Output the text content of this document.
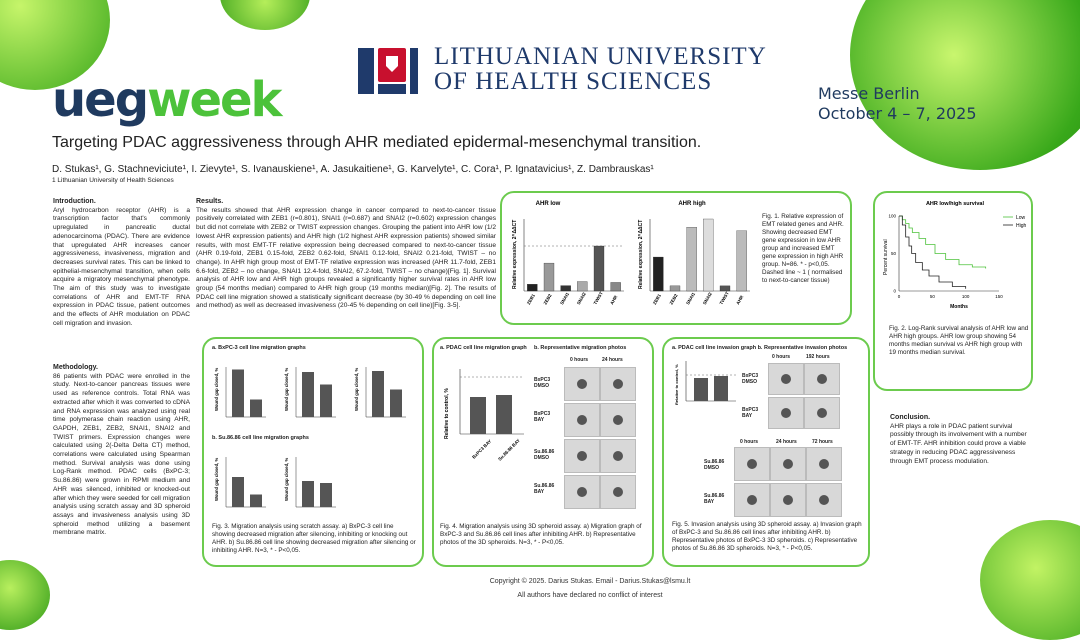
uegweek
LITHUANIAN UNIVERSITY
OF HEALTH SCIENCES	Messe Berlin
October 4 – 7, 2025
Targeting PDAC aggressiveness through AHR mediated epidermal-mesenchymal transition.
D. Stukas¹, G. Stachneviciute¹, I. Zievyte¹, S. Ivanauskiene¹, A. Jasukaitiene¹, G. Karvelyte¹, C. Cora¹, P. Ignatavicius¹, Z. Dambrauskas¹
1 Lithuanian University of Health Sciences
Introduction.
Aryl hydrocarbon receptor (AHR) is a transcription factor that's commonly upregulated in pancreatic ductal adenocarcinoma (PDAC). There are evidence that upregulated AHR increases cancer aggressiveness, invasiveness, migration and decreases survival rates. This can be linked to epithelial-mesenchymal transition, when cells acquire a migratory mesenchymal phenotype. The aim of this study was to investigate correlations of AHR and EMT-TF RNA expression in PDAC tissue, patient outcomes and the effects of AHR modulation on PDAC cell migration and invasion.
Methodology.
86 patients with PDAC were enrolled in the study. Next-to-cancer pancreas tissues were used as reference controls. Total RNA was extracted after which it was converted to cDNA and RNA expression was analyzed using real time polymerase chain reaction using AHR, GAPDH, ZEB1, ZEB2, SNAI1, SNAI2 and TWIST primers. Expression changes were calculated using 2(-Delta Delta CT) method, correlations were calculated using Spearman method. Survival analysis was done using Log-Rank method. PDAC cells (BxPC-3; Su.86.86) were grown in RPMI medium and AHR was silenced, inhibited or knocked-out after which they were seeded for cell migration analysis using scratch assay and 3D spheroid assays and invasiveness analysis using 3D spheroid method utilizing a basement membrane matrix.
Results.
The results showed that AHR expression change in cancer compared to next-to-cancer tissue positively correlated with ZEB1 (r=0.801), SNAI1 (r=0.687) and SNAI2 (r=0.602) expression changes but did not correlate with ZEB2 or TWIST expression changes. Grouping the patient into AHR low (1/2 lowest AHR expression patients) and AHR high (1/2 highest AHR expression patients) showed similar results, with most EMT-TF relative expression being decreased compared to next-to-cancer tissue (AHR 0.19-fold, ZEB1 0.15-fold, ZEB2 0.62-fold, SNAI1 0.12-fold, SNAI2 0.21-fold, TWIST – no change). In AHR high group most of EMT-TF relative expression was increased (AHR 11.7-fold, ZEB1 6.6-fold, ZEB2 – no change, SNAI1 12.4-fold, SNAI2, 67.2-fold, TWIST – no change)[Fig. 1]. Survival analysis of AHR low and AHR high groups revealed a significantly higher survival rates in AHR low group (54 months median) compared to AHR high group (19 months median)[Fig. 2]. The results of PDAC cell line migration showed a statistically significant decrease (by 30-49 % depending on cell line and method) as well as decreased invasiveness (20-45 % depending on cell line)[Fig. 3-5].
AHR low	AHR high
Relative expression, 2^ΔΔCT	Relative expression, 2^ΔΔCT
ZEB1 ZEB2 SNAI1 SNAI2 TWIST AHR	ZEB1 ZEB2 SNAI1 SNAI2 TWIST AHR
Fig. 1. Relative expression of EMT related genes and AHR. Showing decreased EMT gene expression in low AHR group and increased EMT gene expression in high AHR group. N=86. * - p<0,05. Dashed line ~ 1 ( normalised to next-to-cancer tissue)
AHR low/high survival
Percent survival
Months
0
50
100
0	50	100	150
Low
High
Fig. 2. Log-Rank survival analysis of AHR low and AHR high groups. AHR low group showing 54 months median survival vs AHR high group with 19 months median survival.
a. BxPC-3 cell line migration graphs
b. Su.86.86 cell line migration graphs
Wound gap closed, %	Wound gap closed, %	Wound gap closed, %
Wound gap closed, %	Wound gap closed, %
Fig. 3. Migration analysis using scratch assay. a) BxPC-3 cell line showing decreased migration after silencing, inhibiting or knocking out AHR. b) Su.86.86 cell line showing decreased migration after silencing or inhibiting AHR. N=3, * - P<0,05.
a. PDAC cell line migration graph b. Representative migration photos
Relative to control, %
BxPC3 BAY Su.86.86 BAY
0 hours	24 hours
BxPC3 DMSO
BxPC3 BAY
Su.86.86 DMSO
Su.86.86 BAY
Fig. 4. Migration analysis using 3D spheroid assay. a) Migration graph of BxPC-3 and Su.86.86 cell lines after inhibiting AHR. b) Representative photos of the 3D spheroids. N=3, * - P<0,05.
a. PDAC cell line invasion graph b. Representative invasion photos
Relative to control, %
0 hours	192 hours
BxPC3 DMSO
BxPC3 BAY
0 hours	24 hours	72 hours
Su.86.86 DMSO
Su.86.86 BAY
Fig. 5. Invasion analysis using 3D spheroid assay. a) Invasion graph of BxPC-3 and Su.86.86 cell lines after inhibiting AHR. b) Representative photos of BxPC-3 3D spheroids. c) Representative photos of Su.86.86 3D spheroids. N=3, * - P<0,05.
Conclusion.
AHR plays a role in PDAC patient survival possibly through its involvement with a number of EMT-TF. AHR inhibition could prove a viable strategy in reducing PDAC aggressiveness through EMT process modulation.
Copyright © 2025. Darius Stukas. Email - Darius.Stukas@lsmu.lt
All authors have declared no conflict of interest
